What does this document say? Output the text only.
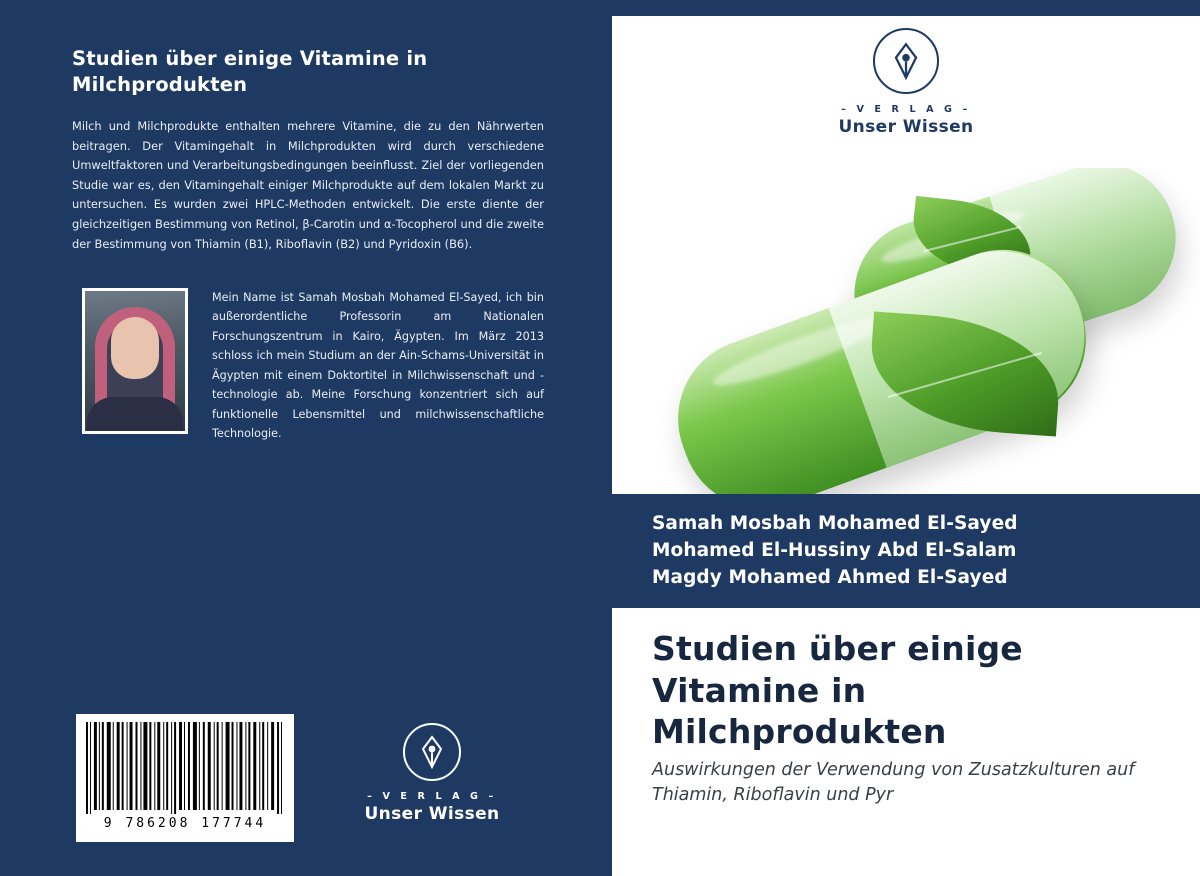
Studien über einige Vitamine in Milchprodukten
Milch und Milchprodukte enthalten mehrere Vitamine, die zu den Nährwerten beitragen. Der Vitamingehalt in Milchprodukten wird durch verschiedene Umweltfaktoren und Verarbeitungsbedingungen beeinflusst. Ziel der vorliegenden Studie war es, den Vitamingehalt einiger Milchprodukte auf dem lokalen Markt zu untersuchen. Es wurden zwei HPLC-Methoden entwickelt. Die erste diente der gleichzeitigen Bestimmung von Retinol, β-Carotin und α-Tocopherol und die zweite der Bestimmung von Thiamin (B1), Riboflavin (B2) und Pyridoxin (B6).
Mein Name ist Samah Mosbah Mohamed El-Sayed, ich bin außerordentliche Professorin am Nationalen Forschungszentrum in Kairo, Ägypten. Im März 2013 schloss ich mein Studium an der Ain-Schams-Universität in Ägypten mit einem Doktortitel in Milchwissenschaft und -technologie ab. Meine Forschung konzentriert sich auf funktionelle Lebensmittel und milchwissenschaftliche Technologie.
9 786208 177744
– V E R L A G –
Unser Wissen
– V E R L A G –
Unser Wissen
Samah Mosbah Mohamed El-Sayed
Mohamed El-Hussiny Abd El-Salam
Magdy Mohamed Ahmed El-Sayed
Studien über einige Vitamine in Milchprodukten
Auswirkungen der Verwendung von Zusatzkulturen auf Thiamin, Riboflavin und Pyr
